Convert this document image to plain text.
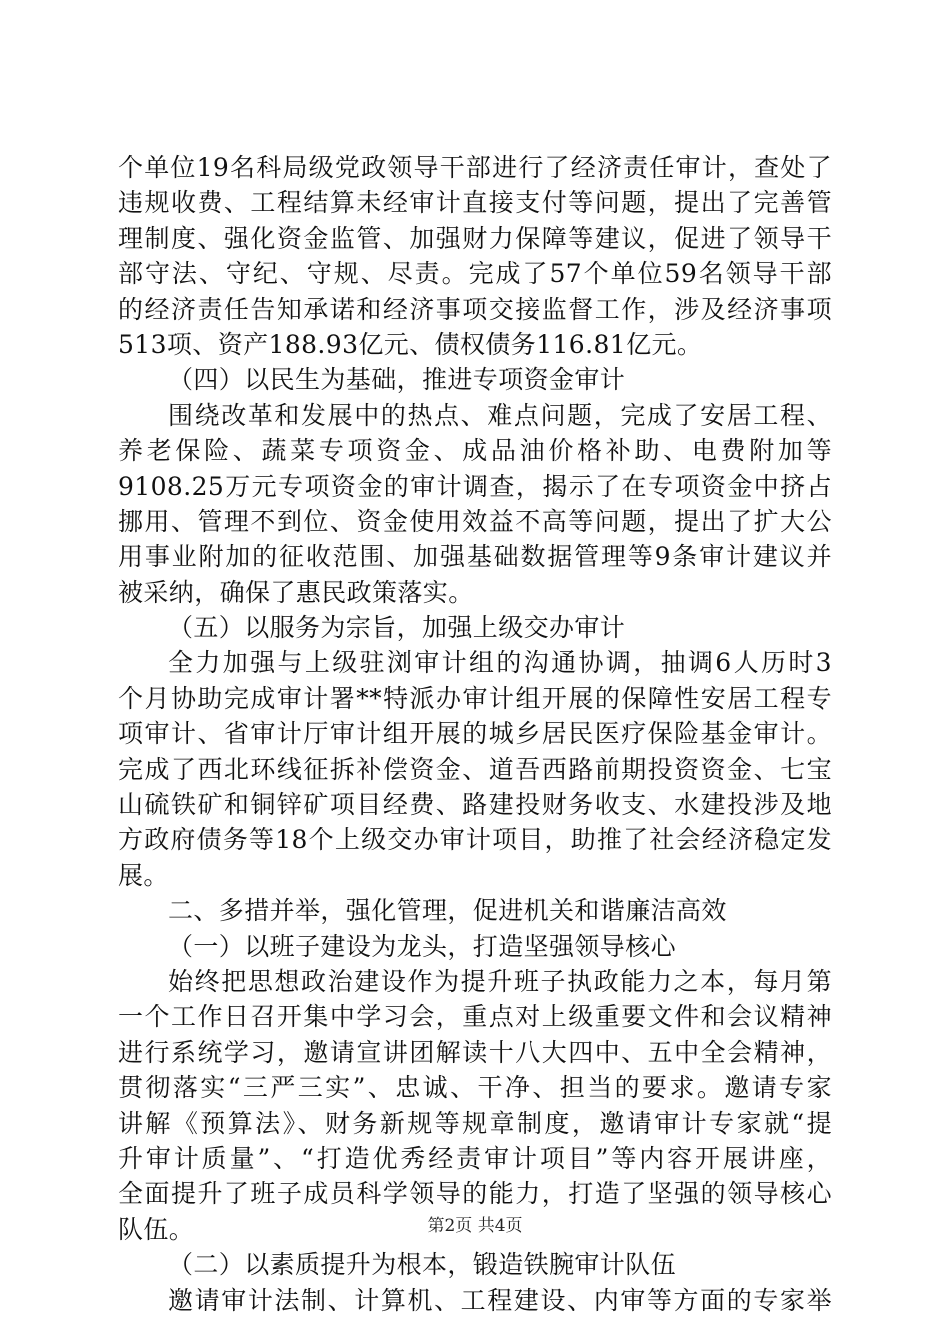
个单位19名科局级党政领导干部进行了经济责任审计，查处了
违规收费、工程结算未经审计直接支付等问题，提出了完善管
理制度、强化资金监管、加强财力保障等建议，促进了领导干
部守法、守纪、守规、尽责。完成了57个单位59名领导干部
的经济责任告知承诺和经济事项交接监督工作，涉及经济事项
513项、资产188.93亿元、债权债务116.81亿元。
（四）以民生为基础，推进专项资金审计
围绕改革和发展中的热点、难点问题，完成了安居工程、
养老保险、蔬菜专项资金、成品油价格补助、电费附加等
9108.25万元专项资金的审计调查，揭示了在专项资金中挤占
挪用、管理不到位、资金使用效益不高等问题，提出了扩大公
用事业附加的征收范围、加强基础数据管理等9条审计建议并
被采纳，确保了惠民政策落实。
（五）以服务为宗旨，加强上级交办审计
全力加强与上级驻浏审计组的沟通协调，抽调6人历时3
个月协助完成审计署**特派办审计组开展的保障性安居工程专
项审计、省审计厅审计组开展的城乡居民医疗保险基金审计。
完成了西北环线征拆补偿资金、道吾西路前期投资资金、七宝
山硫铁矿和铜锌矿项目经费、路建投财务收支、水建投涉及地
方政府债务等18个上级交办审计项目，助推了社会经济稳定发
展。
二、多措并举，强化管理，促进机关和谐廉洁高效
（一）以班子建设为龙头，打造坚强领导核心
始终把思想政治建设作为提升班子执政能力之本，每月第
一个工作日召开集中学习会，重点对上级重要文件和会议精神
进行系统学习，邀请宣讲团解读十八大四中、五中全会精神，
贯彻落实“三严三实”、忠诚、干净、担当的要求。邀请专家
讲解《预算法》、财务新规等规章制度，邀请审计专家就“提
升审计质量”、“打造优秀经责审计项目”等内容开展讲座，
全面提升了班子成员科学领导的能力，打造了坚强的领导核心
队伍。
（二）以素质提升为根本，锻造铁腕审计队伍
邀请审计法制、计算机、工程建设、内审等方面的专家举
第2页 共4页
